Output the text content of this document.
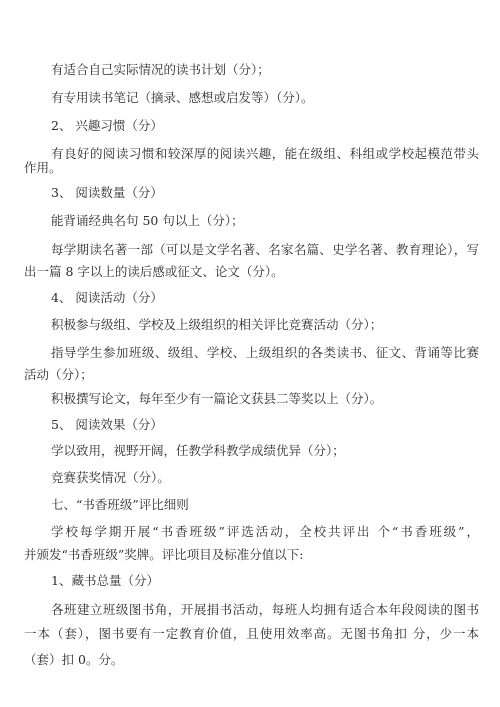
有适合自己实际情况的读书计划（分）；
有专用读书笔记（摘录、感想或启发等）（分）。
2、 兴趣习惯（分）
有良好的阅读习惯和较深厚的阅读兴趣，能在级组、科组或学校起模范带头
作用。
3、 阅读数量（分）
能背诵经典名句 50 句以上（分）；
每学期读名著一部（可以是文学名著、名家名篇、史学名著、教育理论），写
出一篇 8 字以上的读后感或征文、论文（分）。
4、 阅读活动（分）
积极参与级组、学校及上级组织的相关评比竞赛活动（分）；
指导学生参加班级、级组、学校、上级组织的各类读书、征文、背诵等比赛
活动（分）；
积极撰写论文，每年至少有一篇论文获县二等奖以上（分）。
5、 阅读效果（分）
学以致用，视野开阔，任教学科教学成绩优异（分）；
竞赛获奖情况（分）。
七、“书香班级”评比细则
学校每学期开展“书香班级”评选活动，全校共评出 个“书香班级”，
并颁发“书香班级”奖牌。评比项目及标准分值以下:
1、藏书总量（分）
各班建立班级图书角，开展捐书活动，每班人均拥有适合本年段阅读的图书
一本（套），图书要有一定教育价值，且使用效率高。无图书角扣 分，少一本
（套）扣 0。分。
